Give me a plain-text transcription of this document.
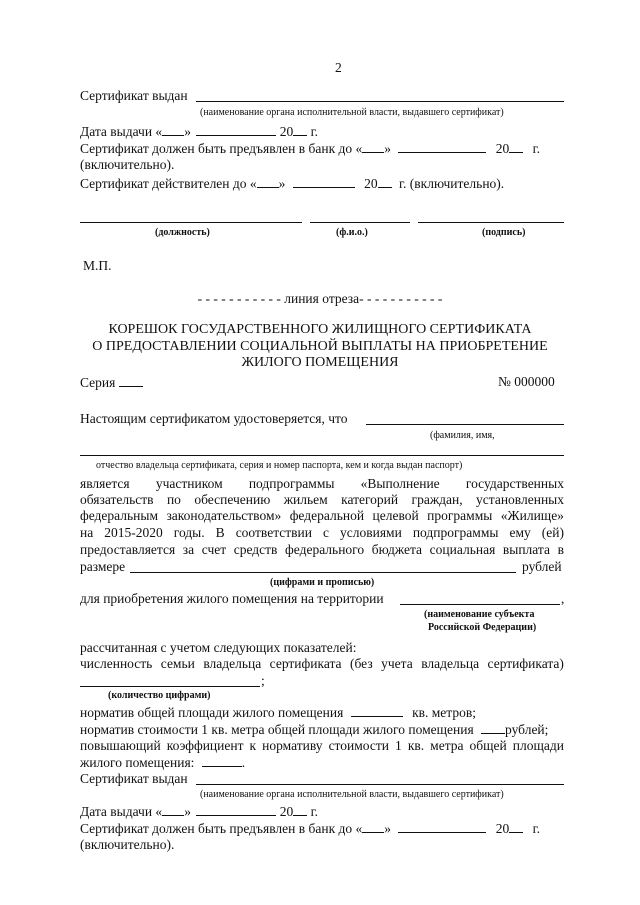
2
Сертификат выдан
(наименование органа исполнительной власти, выдавшего сертификат)
Дата выдачи « »	20 г.
Сертификат должен быть предъявлен в банк до « »	20 г.
(включительно).
Сертификат действителен до « »	20 г. (включительно).
(должность)	(ф.и.о.)	(подпись)
М.П.
- - - - - - - - - - - линия отреза- - - - - - - - - - -
КОРЕШОК ГОСУДАРСТВЕННОГО ЖИЛИЩНОГО СЕРТИФИКАТА
О ПРЕДОСТАВЛЕНИИ СОЦИАЛЬНОЙ ВЫПЛАТЫ НА ПРИОБРЕТЕНИЕ
ЖИЛОГО ПОМЕЩЕНИЯ
Серия	№ 000000
Настоящим сертификатом удостоверяется, что
(фамилия, имя,
отчество владельца сертификата, серия и номер паспорта, кем и когда выдан паспорт)
является участником подпрограммы «Выполнение государственных
обязательств по обеспечению жильем категорий граждан, установленных
федеральным законодательством» федеральной целевой программы «Жилище»
на 2015-2020 годы. В соответствии с условиями подпрограммы ему (ей)
предоставляется за счет средств федерального бюджета социальная выплата в
размере	рублей
(цифрами и прописью)
для приобретения жилого помещения на территории	,
(наименование субъекта
Российской Федерации)
рассчитанная с учетом следующих показателей:
численность семьи владельца сертификата (без учета владельца сертификата)
;
(количество цифрами)
норматив общей площади жилого помещения	кв. метров;
норматив стоимости 1 кв. метра общей площади жилого помещения рублей;
повышающий коэффициент к нормативу стоимости 1 кв. метра общей площади
жилого помещения:	.
Сертификат выдан
(наименование органа исполнительной власти, выдавшего сертификат)
Дата выдачи « »	20 г.
Сертификат должен быть предъявлен в банк до « »	20 г.
(включительно).
